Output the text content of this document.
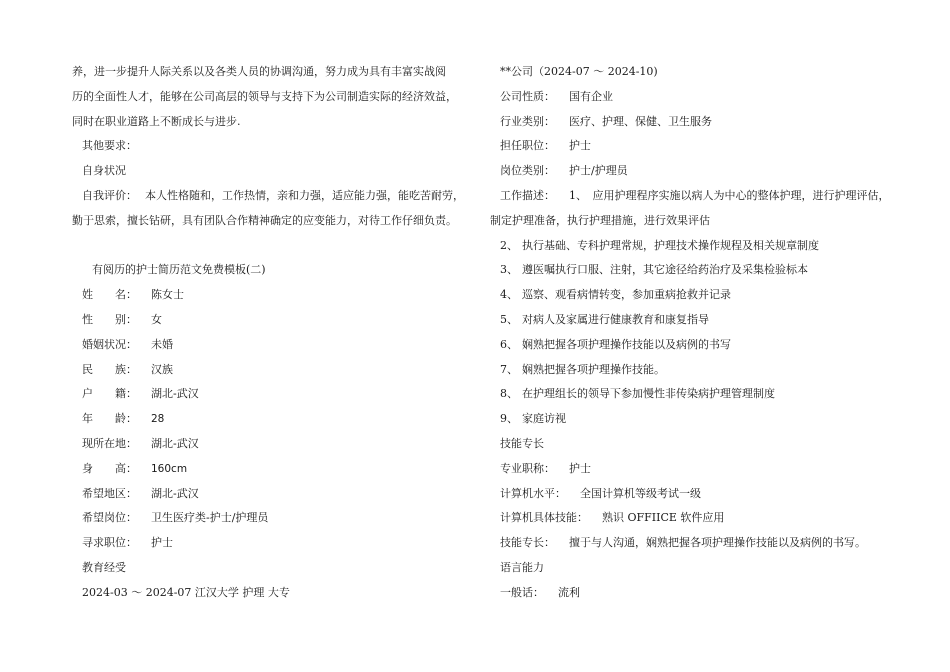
养，进一步提升人际关系以及各类人员的协调沟通，努力成为具有丰富实战阅
历的全面性人才，能够在公司高层的领导与支持下为公司制造实际的经济效益，
同时在职业道路上不断成长与进步.
其他要求：
自身状况
自我评价： 本人性格随和，工作热情，亲和力强，适应能力强，能吃苦耐劳，
勤于思索，擅长钻研，具有团队合作精神确定的应变能力，对待工作仔细负责。
有阅历的护士简历范文免费模板(二)
姓　　名： 陈女士
性　　别： 女
婚姻状况： 未婚
民　　族： 汉族
户　　籍： 湖北-武汉
年　　龄： 28
现所在地： 湖北-武汉
身　　高： 160cm
希望地区： 湖北-武汉
希望岗位： 卫生医疗类-护士/护理员
寻求职位： 护士
教育经受
2024-03 ～ 2024-07 江汉大学 护理 大专
**公司（2024-07 ～ 2024-10)
公司性质： 国有企业
行业类别： 医疗、护理、保健、卫生服务
担任职位： 护士
岗位类别： 护士/护理员
工作描述： 1、　应用护理程序实施以病人为中心的整体护理，进行护理评估，
制定护理准备，执行护理措施，进行效果评估
2、 执行基础、专科护理常规，护理技术操作规程及相关规章制度
3、 遵医嘱执行口服、注射，其它途径给药治疗及采集检验标本
4、 巡察、观看病情转变，参加重病抢救并记录
5、 对病人及家属进行健康教育和康复指导
6、 娴熟把握各项护理操作技能以及病例的书写
7、 娴熟把握各项护理操作技能。
8、 在护理组长的领导下参加慢性非传染病护理管理制度
9、 家庭访视
技能专长
专业职称： 护士
计算机水平： 全国计算机等级考试一级
计算机具体技能： 熟识 OFFIICE 软件应用
技能专长： 擅于与人沟通，娴熟把握各项护理操作技能以及病例的书写。
语言能力
一般话： 流利
